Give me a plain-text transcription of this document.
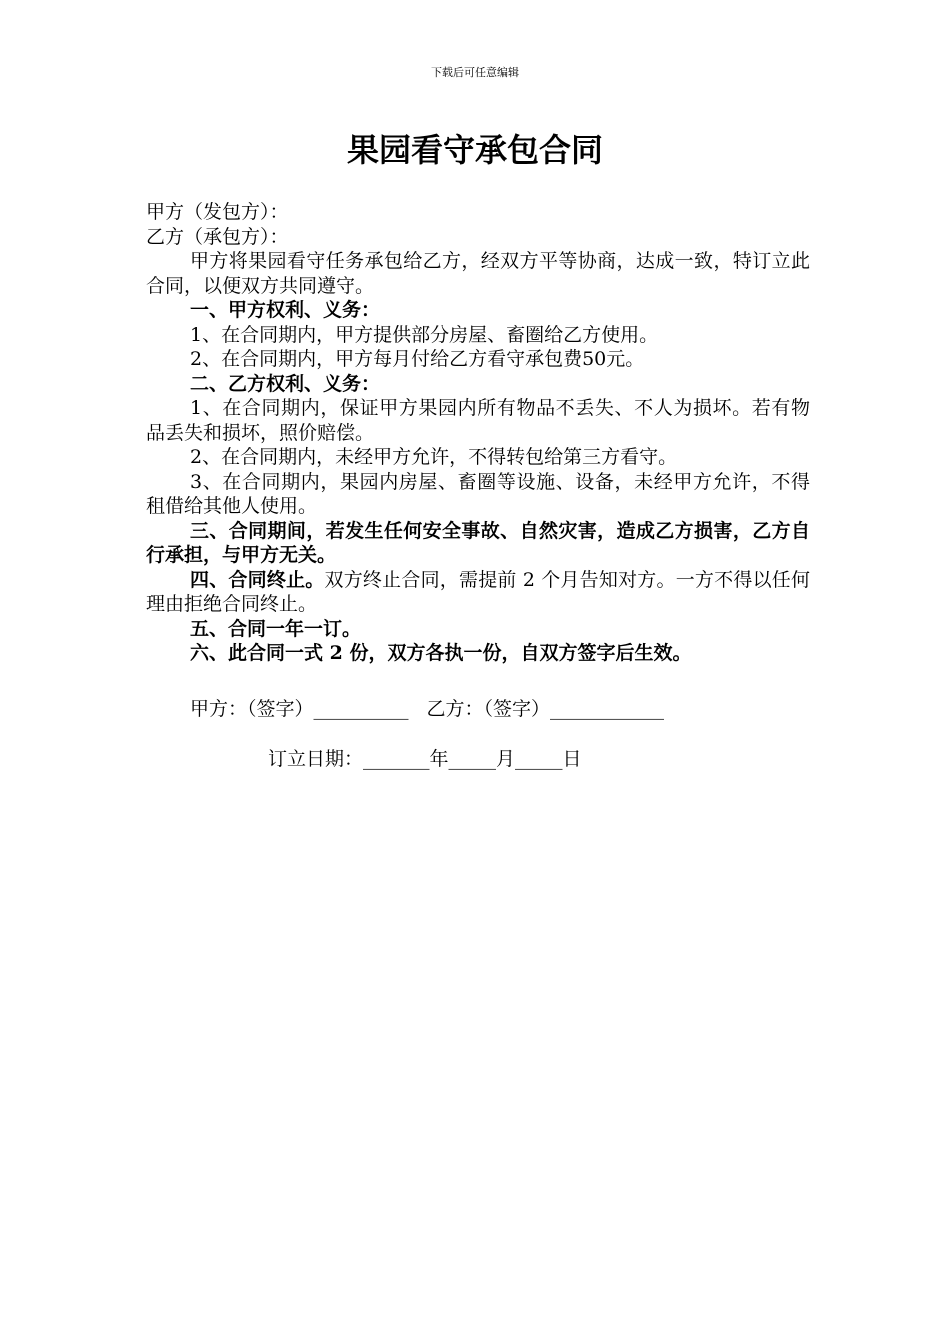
下载后可任意编辑
果园看守承包合同

甲方（发包方）：

乙方（承包方）：

甲方将果园看守任务承包给乙方，经双方平等协商，达成一致，特订立此合同，以便双方共同遵守。

一、甲方权利、义务：

1、在合同期内，甲方提供部分房屋、畜圈给乙方使用。

2、在合同期内，甲方每月付给乙方看守承包费50元。

二、乙方权利、义务：

1、在合同期内，保证甲方果园内所有物品不丢失、不人为损坏。若有物品丢失和损坏，照价赔偿。

2、在合同期内，未经甲方允许，不得转包给第三方看守。

3、在合同期内，果园内房屋、畜圈等设施、设备，未经甲方允许，不得租借给其他人使用。

三、合同期间，若发生任何安全事故、自然灾害，造成乙方损害，乙方自行承担，与甲方无关。

四、合同终止。双方终止合同，需提前 2 个月告知对方。一方不得以任何理由拒绝合同终止。

五、合同一年一订。

六、此合同一式 2 份，双方各执一份，自双方签字后生效。

甲方：（签字）__________ 乙方：（签字）____________
订立日期：_______年_____月_____日
